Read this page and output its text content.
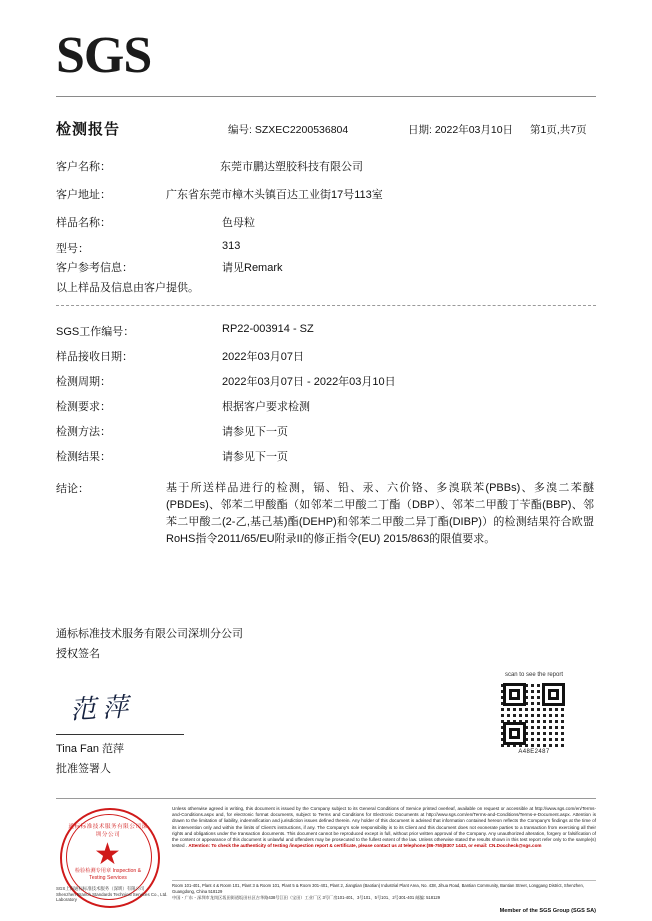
SGS
检测报告	编号: SZXEC2200536804	日期: 2022年03月10日 第1页,共7页
客户名称：	东莞市鹏达塑胶科技有限公司
客户地址：	广东省东莞市樟木头镇百达工业街17号113室
样品名称：	色母粒
型号：	313
客户参考信息：	请见Remark
以上样品及信息由客户提供。
SGS工作编号：	RP22-003914 - SZ
样品接收日期：	2022年03月07日
检测周期：	2022年03月07日 - 2022年03月10日
检测要求：	根据客户要求检测
检测方法：	请参见下一页
检测结果：	请参见下一页
结论：	基于所送样品进行的检测，镉、铅、汞、六价铬、多溴联苯(PBBs)、多溴二苯醚(PBDEs)、邻苯二甲酸酯（如邻苯二甲酸二丁酯（DBP）、邻苯二甲酸丁苄酯(BBP)、邻苯二甲酸二(2-乙,基己基)酯(DEHP)和邻苯二甲酸二异丁酯(DIBP)）的检测结果符合欧盟RoHS指令2011/65/EU附录II的修正指令(EU) 2015/863的限值要求。
通标标准技术服务有限公司深圳分公司
授权签名
范萍
Tina Fan 范萍
批准签署人
scan to see the report
A48E2487
通标标准技术服务有限公司深圳分公司
★
检验检测专用章 Inspection & Testing Services
SGS上海通标标准技术服务（深圳）有限公司
Shenzhen Branch Standards Technical Services Co., Ltd. Laboratory
Unless otherwise agreed in writing, this document is issued by the Company subject to its General Conditions of Service printed overleaf, available on request or accessible at http://www.sgs.com/en/Terms-and-Conditions.aspx and, for electronic format documents, subject to Terms and Conditions for Electronic Documents at http://www.sgs.com/en/Terms-and-Conditions/Terms-e-Document.aspx. Attention is drawn to the limitation of liability, indemnification and jurisdiction issues defined therein. Any holder of this document is advised that information contained hereon reflects the Company's findings at the time of its intervention only and within the limits of Client's instructions, if any. The Company's sole responsibility is to its Client and this document does not exonerate parties to a transaction from exercising all their rights and obligations under the transaction documents. This document cannot be reproduced except in full, without prior written approval of the Company. Any unauthorized alteration, forgery or falsification of the content or appearance of this document is unlawful and offenders may be prosecuted to the fullest extent of the law. Unless otherwise stated the results shown in this test report refer only to the sample(s) tested . Attention: To check the authenticity of testing /inspection report & certificate, please contact us at telephone:(86-755)8307 1443, or email: CN.Doccheck@sgs.com
Room 101-401, Plant 4 & Room 101, Plant 3 & Room 101, Plant 5 & Room 301-401, Plant 2, Jiangtian (Baotian) Industrial Plant Area, No. 438, Jihua Road, Bantian Community, Bantian Street, Longgang District, Shenzhen, Guangdong, China 518129
中国・广东・深圳市龙岗区坂田街道坂田社区吉华路438号江田（宝田）工业厂区 3号厂房101-401、3号101、5号101、2号301-401 邮编: 518129
Member of the SGS Group (SGS SA)
